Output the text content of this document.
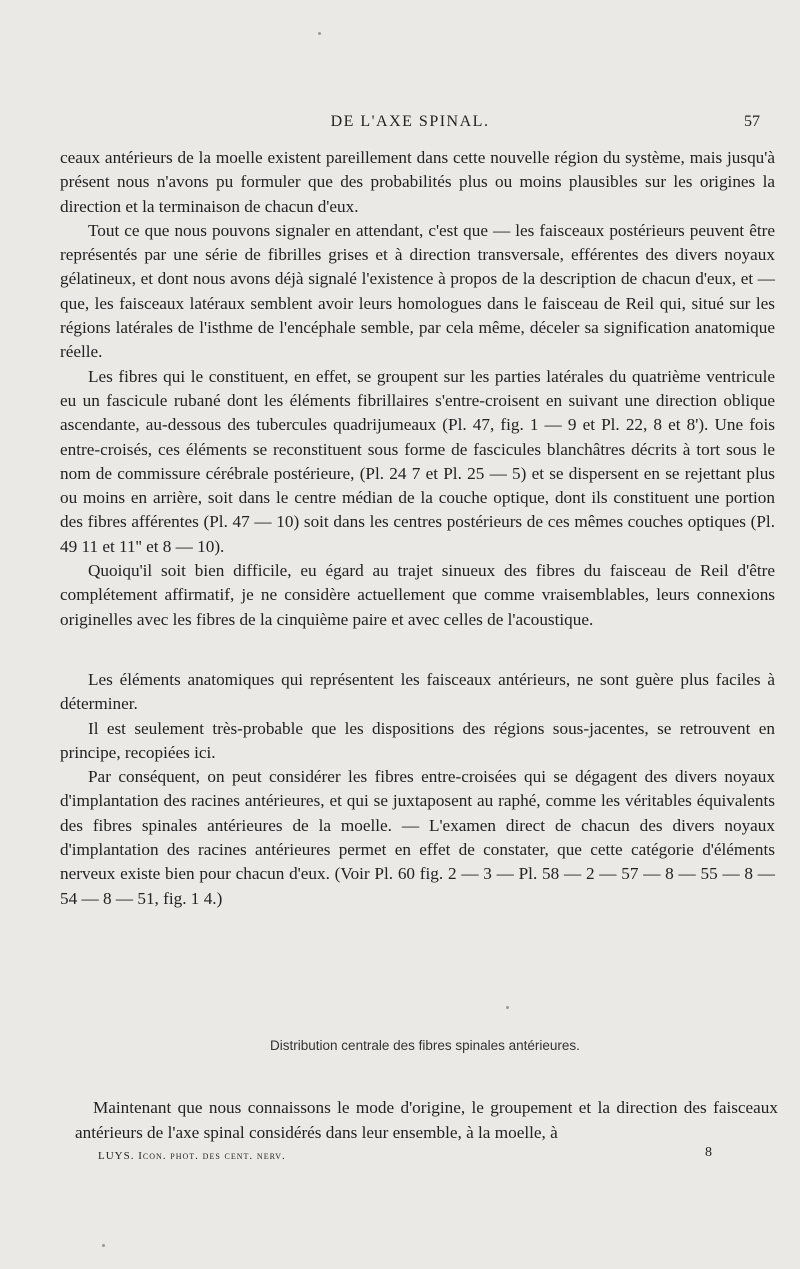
DE L'AXE SPINAL.	57

ceaux antérieurs de la moelle existent pareillement dans cette nouvelle région du système, mais jusqu'à présent nous n'avons pu formuler que des probabilités plus ou moins plausibles sur les origines la direction et la terminaison de chacun d'eux.

Tout ce que nous pouvons signaler en attendant, c'est que — les faisceaux postérieurs peuvent être représentés par une série de fibrilles grises et à direction transversale, efférentes des divers noyaux gélatineux, et dont nous avons déjà signalé l'existence à propos de la description de chacun d'eux, et — que, les faisceaux latéraux semblent avoir leurs homologues dans le faisceau de Reil qui, situé sur les régions latérales de l'isthme de l'encéphale semble, par cela même, déceler sa signification anatomique réelle.

Les fibres qui le constituent, en effet, se groupent sur les parties latérales du quatrième ventricule eu un fascicule rubané dont les éléments fibrillaires s'entre-croisent en suivant une direction oblique ascendante, au-dessous des tubercules quadrijumeaux (Pl. 47, fig. 1 — 9 et Pl. 22, 8 et 8'). Une fois entre-croisés, ces éléments se reconstituent sous forme de fascicules blanchâtres décrits à tort sous le nom de commissure cérébrale postérieure, (Pl. 24 7 et Pl. 25 — 5) et se dispersent en se rejettant plus ou moins en arrière, soit dans le centre médian de la couche optique, dont ils constituent une portion des fibres afférentes (Pl. 47 — 10) soit dans les centres postérieurs de ces mêmes couches optiques (Pl. 49 11 et 11'' et 8 — 10).

Quoiqu'il soit bien difficile, eu égard au trajet sinueux des fibres du faisceau de Reil d'être complétement affirmatif, je ne considère actuellement que comme vraisemblables, leurs connexions originelles avec les fibres de la cinquième paire et avec celles de l'acoustique.

Les éléments anatomiques qui représentent les faisceaux antérieurs, ne sont guère plus faciles à déterminer.

Il est seulement très-probable que les dispositions des régions sous-jacentes, se retrouvent en principe, recopiées ici.

Par conséquent, on peut considérer les fibres entre-croisées qui se dégagent des divers noyaux d'implantation des racines antérieures, et qui se juxtaposent au raphé, comme les véritables équivalents des fibres spinales antérieures de la moelle. — L'examen direct de chacun des divers noyaux d'implantation des racines antérieures permet en effet de constater, que cette catégorie d'éléments nerveux existe bien pour chacun d'eux. (Voir Pl. 60 fig. 2 — 3 — Pl. 58 — 2 — 57 — 8 — 55 — 8 — 54 — 8 — 51, fig. 1 4.)

Distribution centrale des fibres spinales antérieures.

Maintenant que nous connaissons le mode d'origine, le groupement et la direction des faisceaux antérieurs de l'axe spinal considérés dans leur ensemble, à la moelle, à

LUYS. Icon. phot. des cent. nerv.	8
